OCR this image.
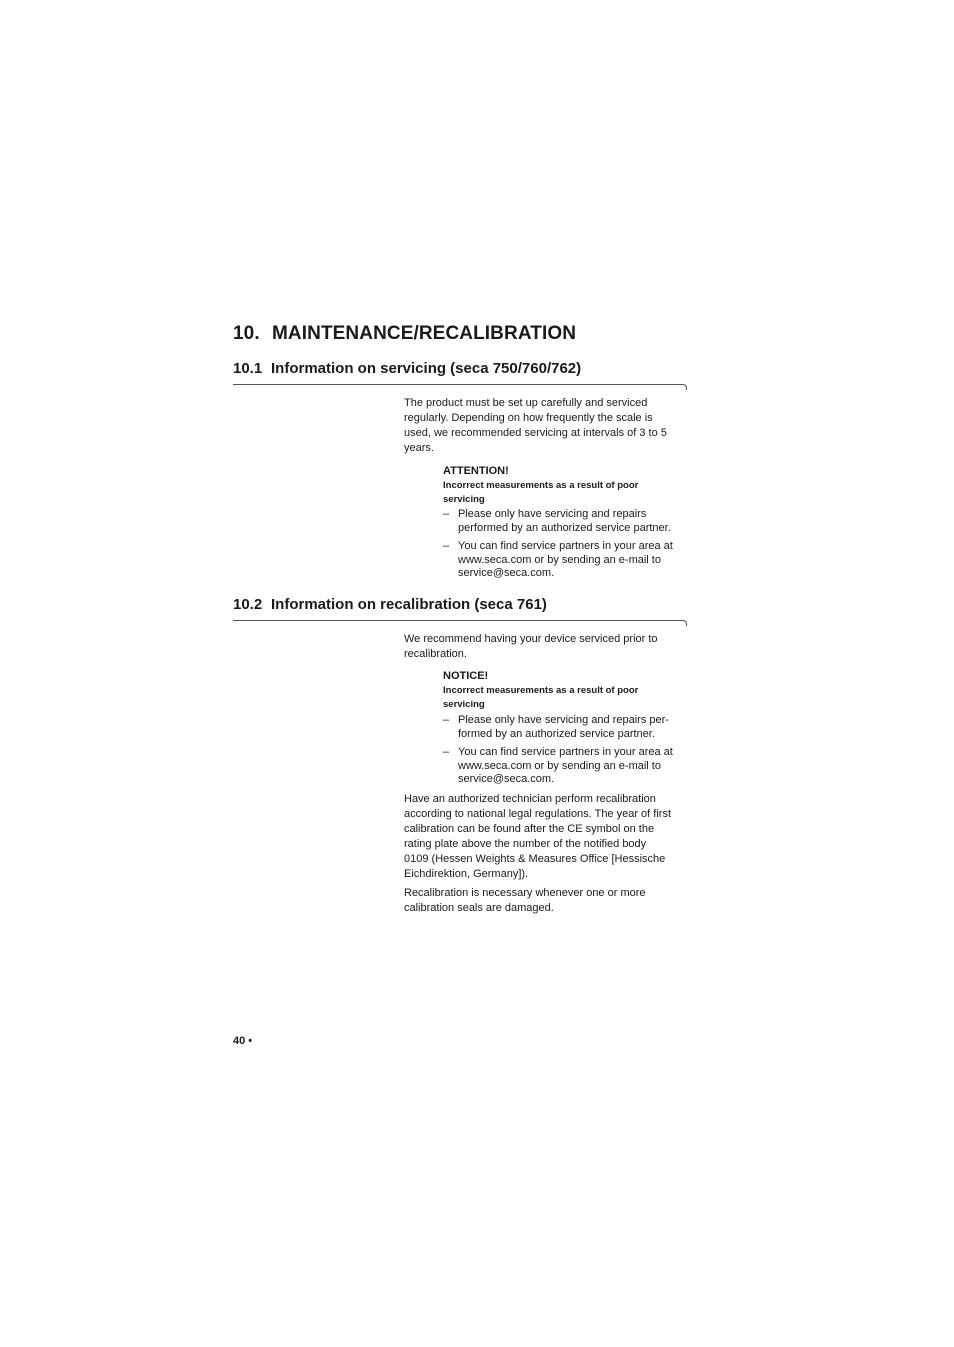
10. MAINTENANCE/RECALIBRATION
10.1 Information on servicing (seca 750/760/762)

The product must be set up carefully and serviced
regularly. Depending on how frequently the scale is
used, we recommended servicing at intervals of 3 to 5
years.

ATTENTION!

Incorrect measurements as a result of poor
servicing

– Please only have servicing and repairs
performed by an authorized service partner.
– You can find service partners in your area at
www.seca.com or by sending an e-mail to
service@seca.com.
10.2 Information on recalibration (seca 761)

We recommend having your device serviced prior to
recalibration.

NOTICE!

Incorrect measurements as a result of poor
servicing

– Please only have servicing and repairs per-
formed by an authorized service partner.
– You can find service partners in your area at
www.seca.com or by sending an e-mail to
service@seca.com.

Have an authorized technician perform recalibration
according to national legal regulations. The year of first
calibration can be found after the CE symbol on the
rating plate above the number of the notified body
0109 (Hessen Weights & Measures Office [Hessische
Eichdirektion, Germany]).

Recalibration is necessary whenever one or more
calibration seals are damaged.

40 •
